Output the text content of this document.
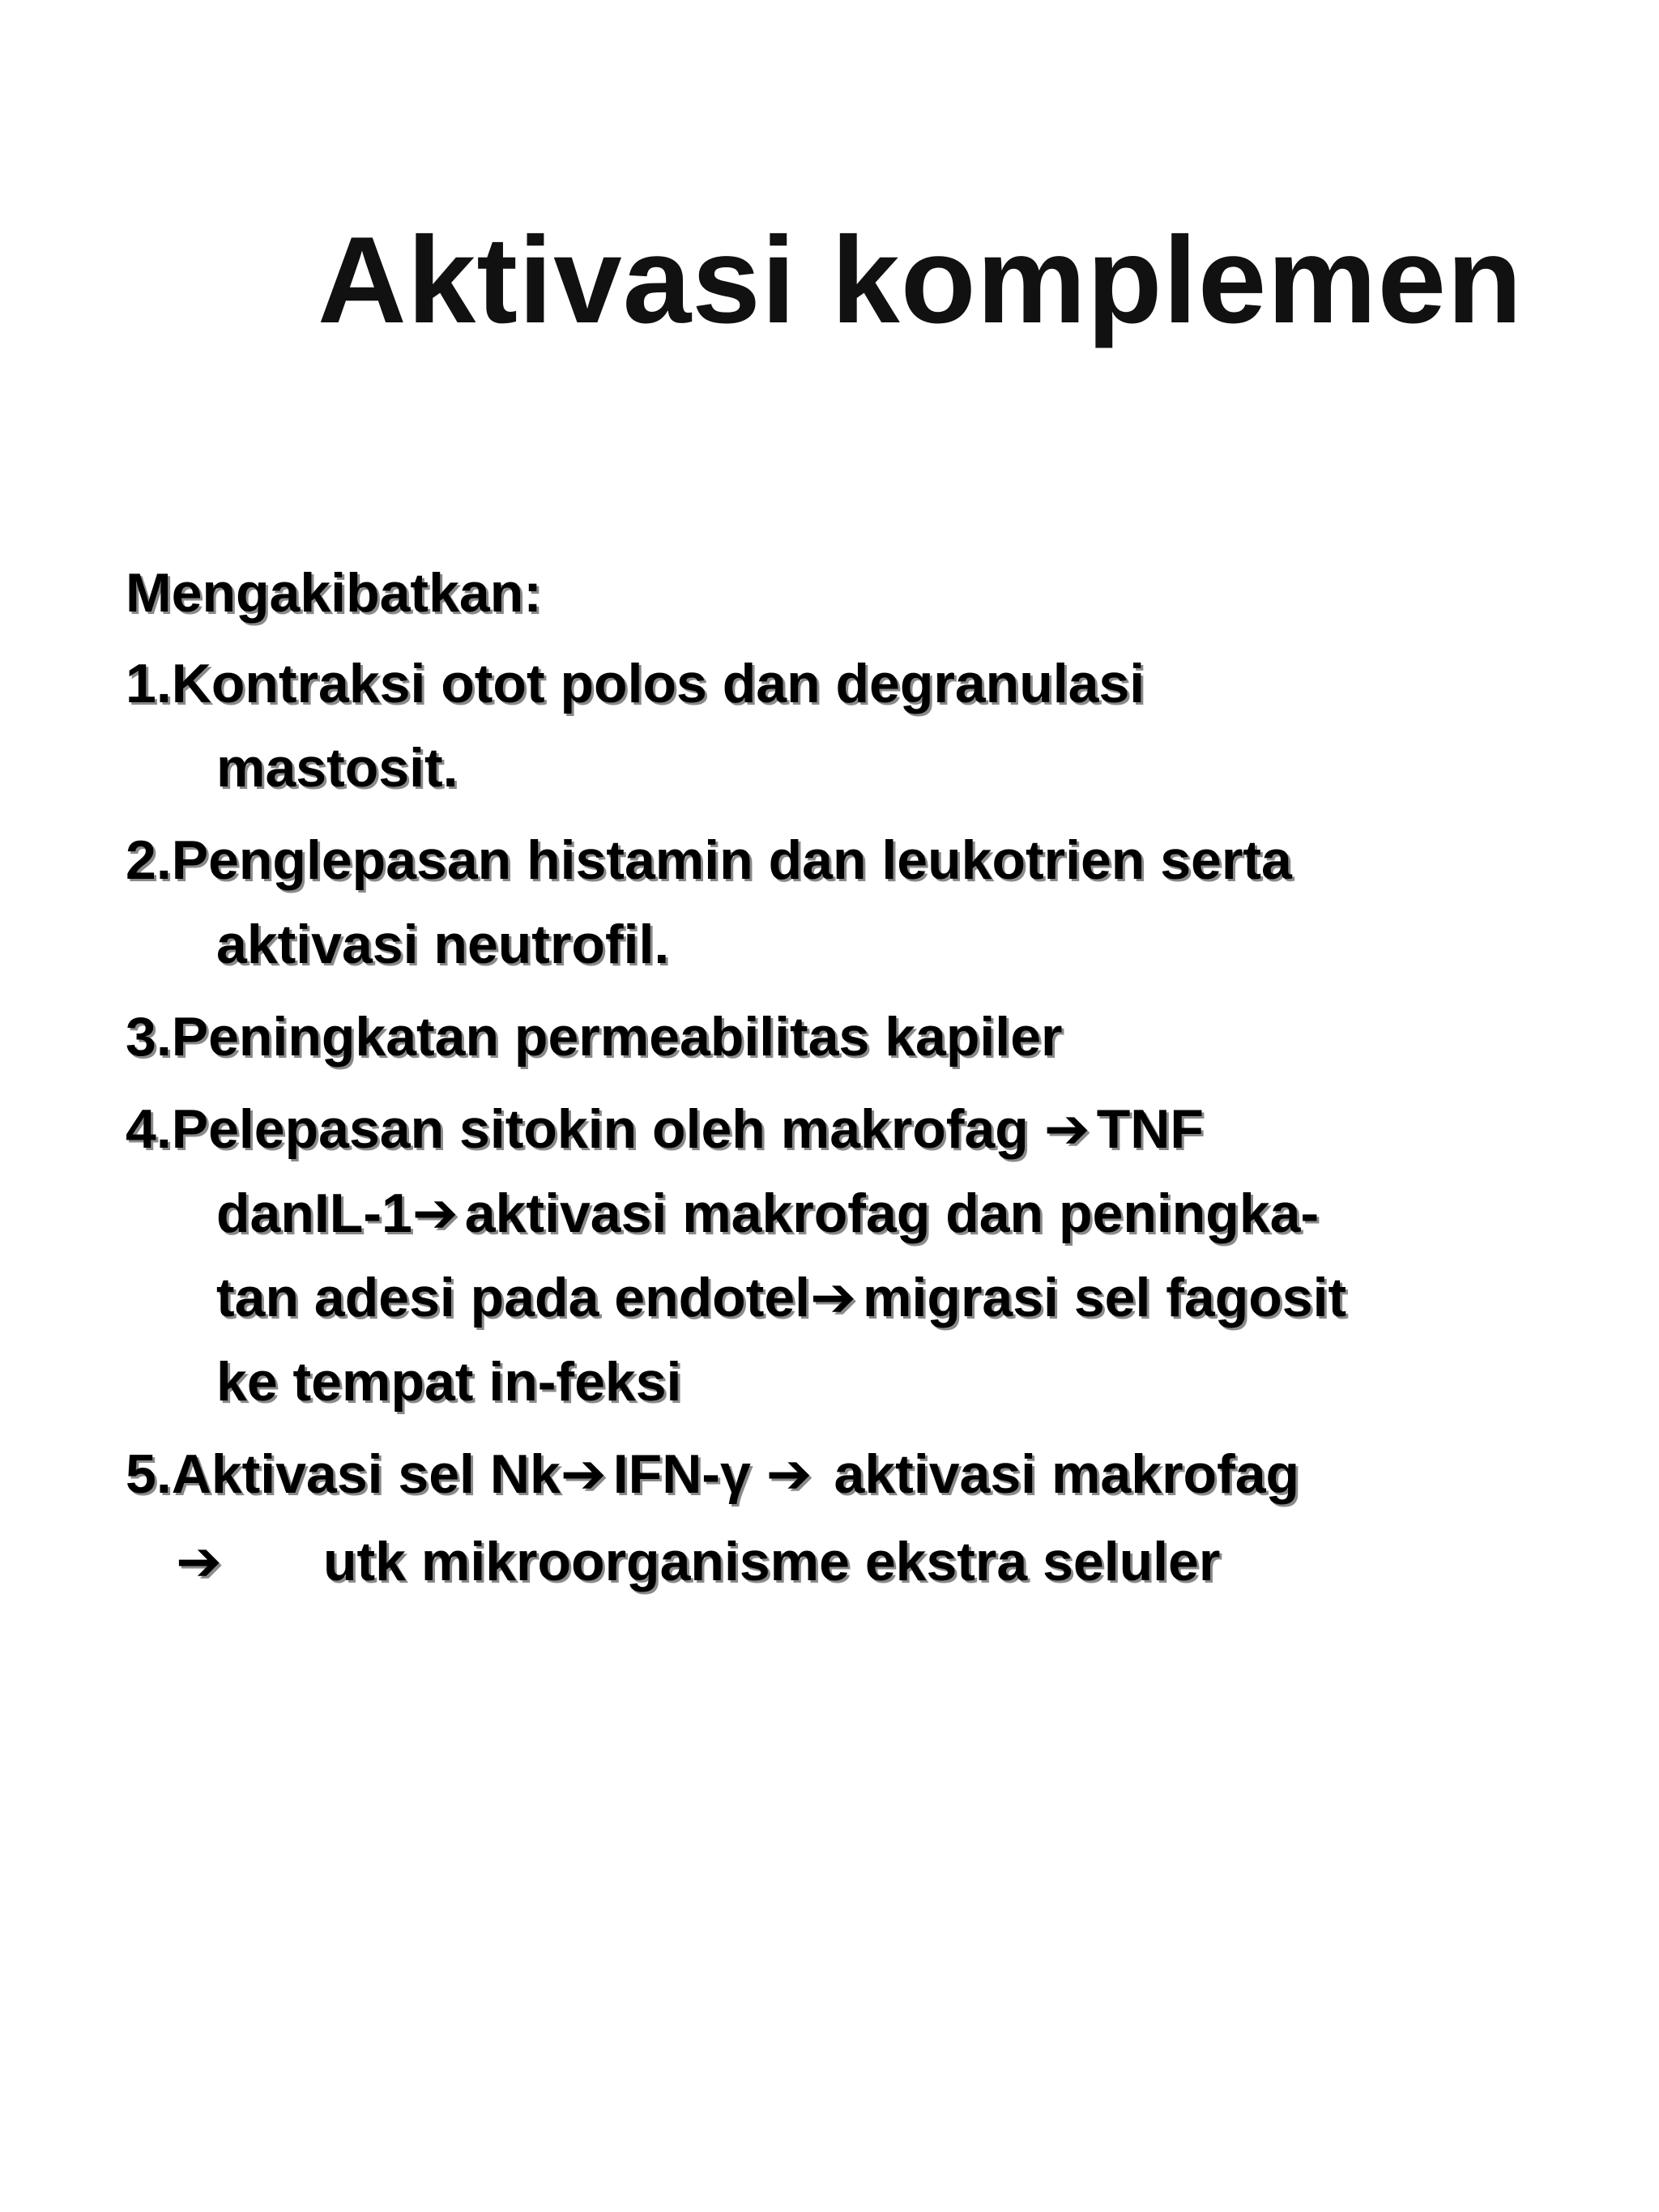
Aktivasi komplemen

Mengakibatkan:

1.Kontraksi otot polos dan degranulasi
mastosit.
2.Penglepasan histamin dan leukotrien serta
aktivasi neutrofil.
3.Peningkatan permeabilitas kapiler
4.Pelepasan sitokin oleh makrofag ➔ TNF
danIL-1➔ aktivasi makrofag dan peningka-
tan adesi pada endotel➔ migrasi sel fagosit
ke tempat in-feksi
5.Aktivasi sel Nk➔ IFN-γ ➔ aktivasi makrofag
➔ utk mikroorganisme ekstra seluler
